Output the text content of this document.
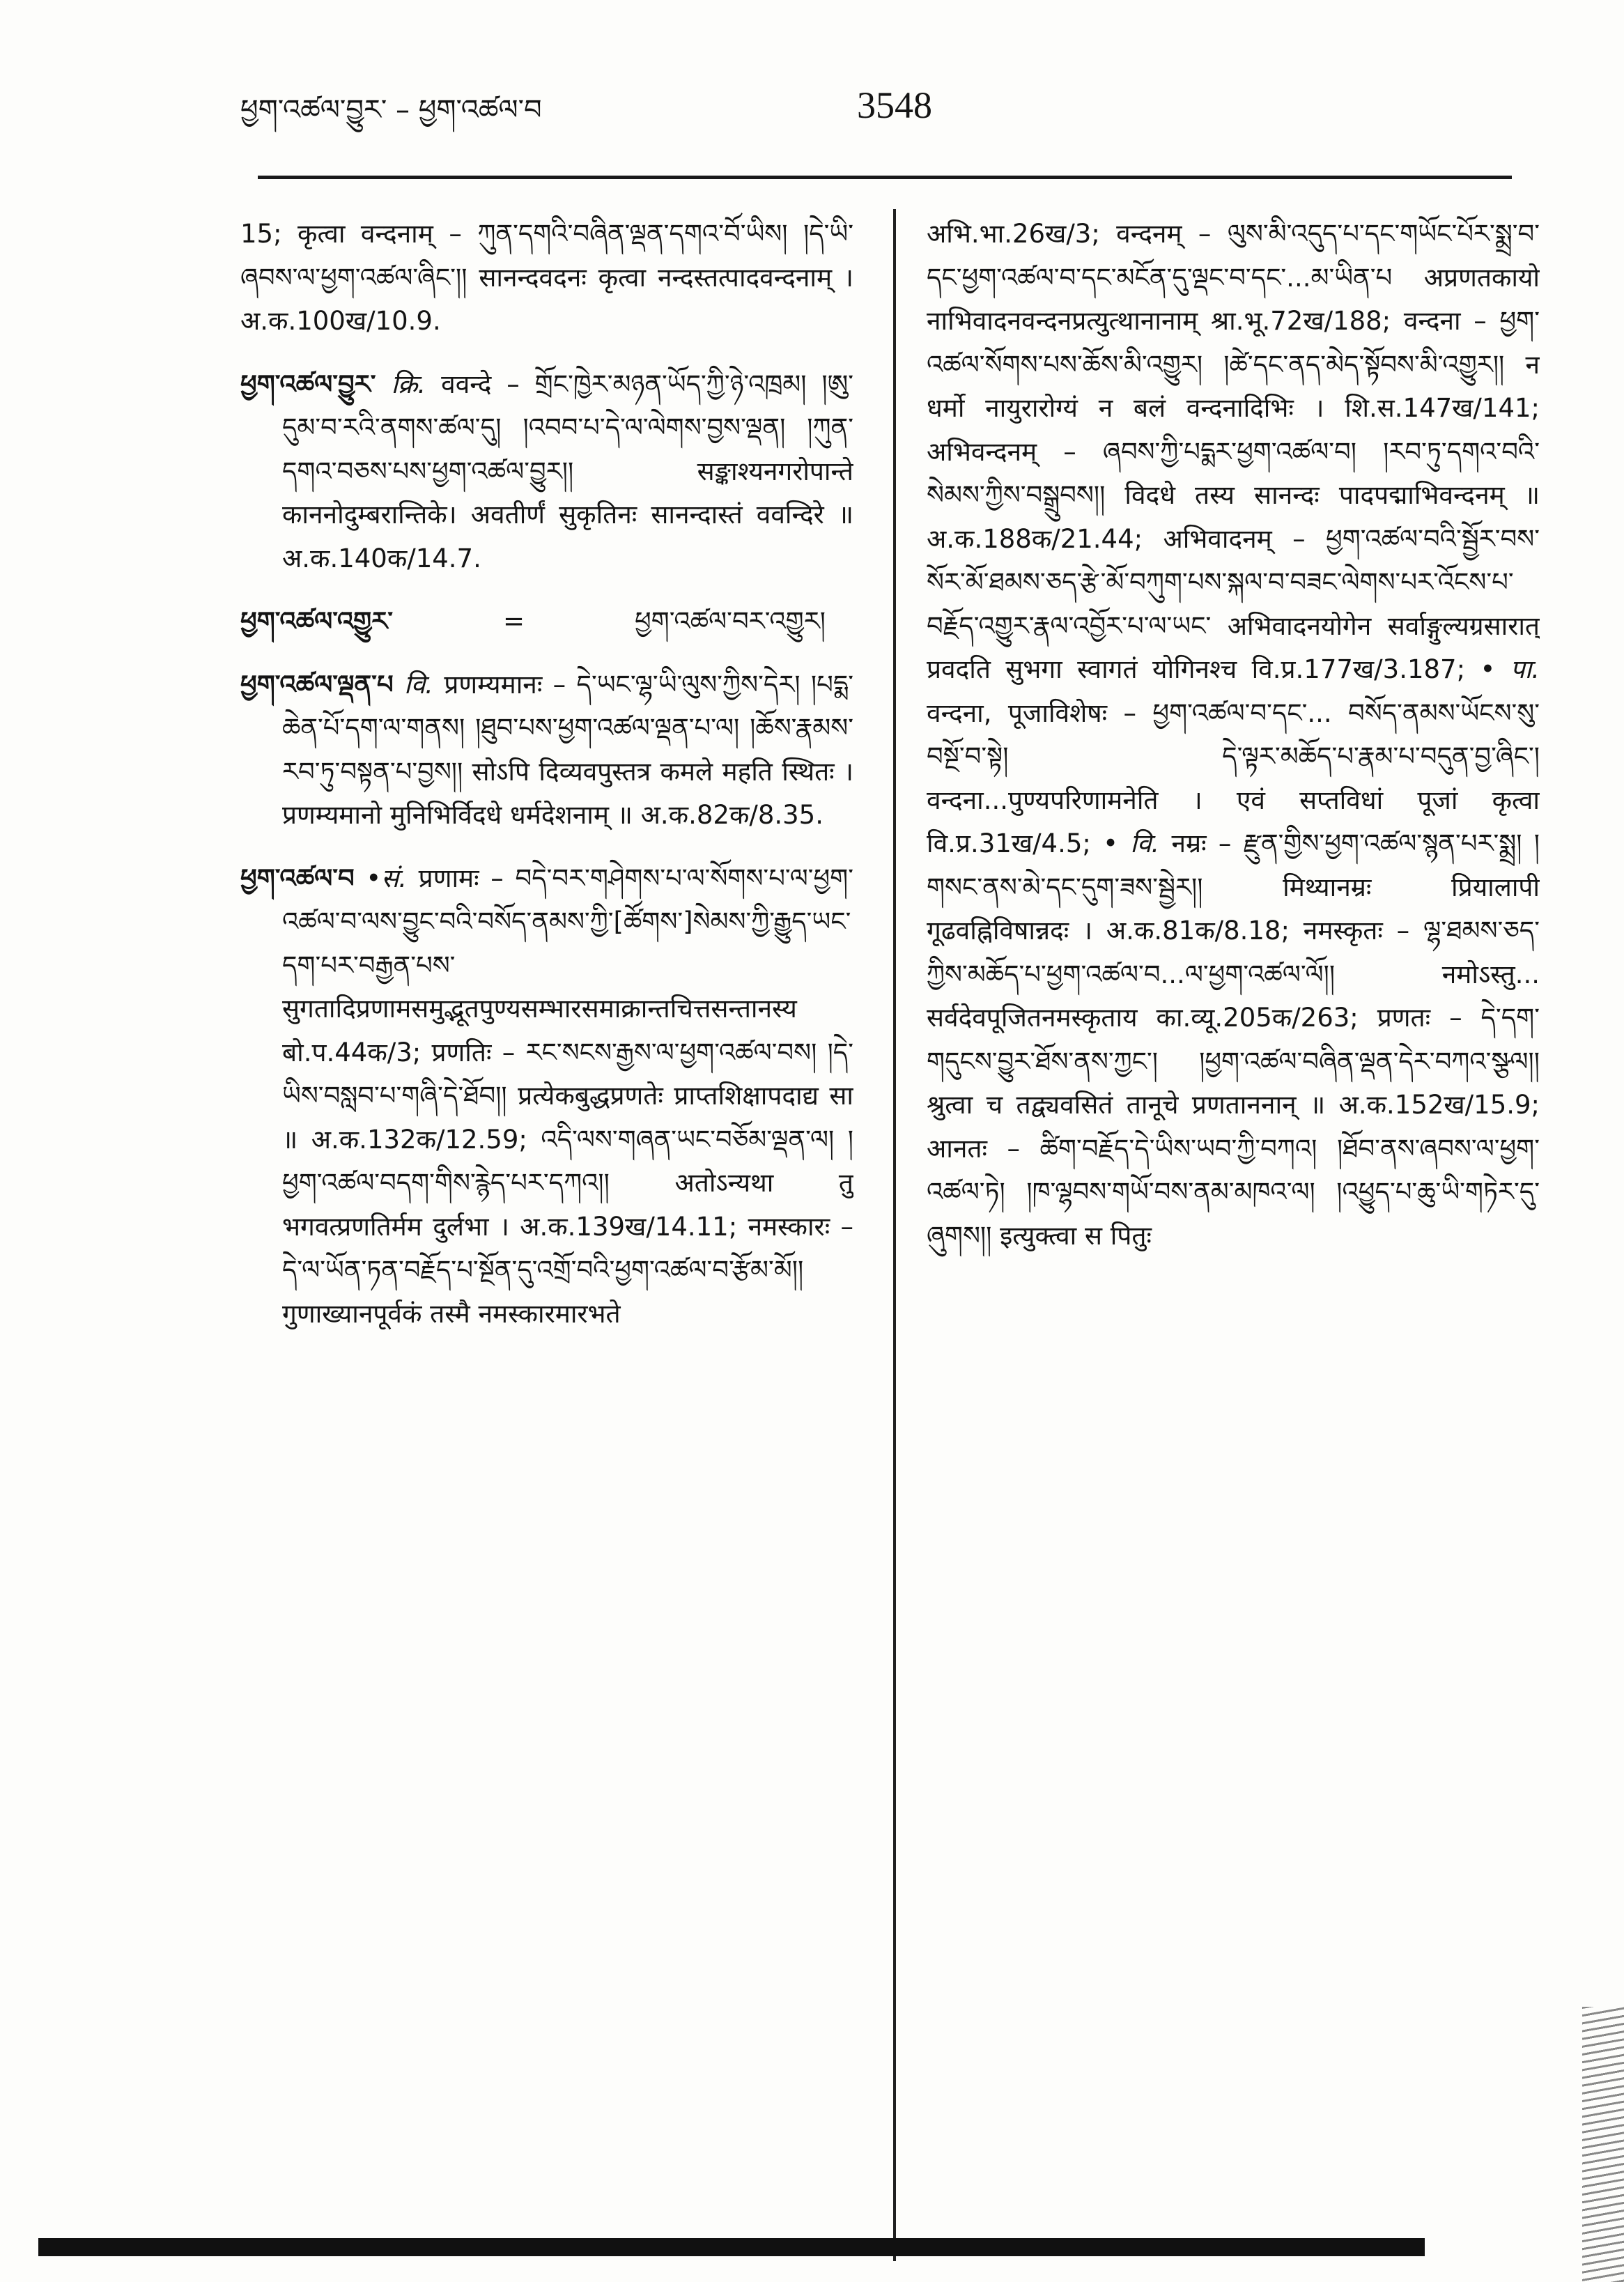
ཕྱག་འཚལ་བྱུར་ – ཕྱག་འཚལ་བ	3548

15; कृत्वा वन्दनाम् – ཀུན་དགའི་བཞིན་ལྡན་དགའ་བོ་ཡིས། །དེ་ཡི་ཞབས་ལ་ཕྱག་འཚལ་ཞིང་།། सानन्दवदनः कृत्वा नन्दस्तत्पादवन्दनाम् । अ.क.100ख/10.9.

ཕྱག་འཚལ་བྱུར་ क्रि. ववन्दे – གྲོང་ཁྱེར་མཉན་ཡོད་ཀྱི་ཉེ་འཁྲམ། །ཨུ་དུམ་བ་རའི་ནགས་ཚལ་དུ། །འབབ་པ་དེ་ལ་ལེགས་བྱས་ལྡན། །ཀུན་དགའ་བཅས་པས་ཕྱག་འཚལ་བྱུར།། सङ्काश्यनगरोपान्ते काननोदुम्बरान्तिके। अवतीर्णं सुकृतिनः सानन्दास्तं ववन्दिरे ॥ अ.क.140क/14.7.

ཕྱག་འཚལ་འགྱུར་	=	ཕྱག་འཚལ་བར་འགྱུར།

ཕྱག་འཚལ་ལྡན་པ वि. प्रणम्यमानः – དེ་ཡང་ལྷ་ཡི་ལུས་ཀྱིས་དེར། །པདྨ་ཆེན་པོ་དག་ལ་གནས། །ཐུབ་པས་ཕྱག་འཚལ་ལྡན་པ་ལ། །ཆོས་རྣམས་རབ་ཏུ་བསྟན་པ་བྱས།། सोऽपि दिव्यवपुस्तत्र कमले महति स्थितः । प्रणम्यमानो मुनिभिर्विदधे धर्मदेशनाम् ॥ अ.क.82क/8.35.

ཕྱག་འཚལ་བ •सं. प्रणामः – བདེ་བར་གཤེགས་པ་ལ་སོགས་པ་ལ་ཕྱག་འཚལ་བ་ལས་བྱུང་བའི་བསོད་ནམས་ཀྱི་[ཚོགས་]སེམས་ཀྱི་རྒྱུད་ཡང་དག་པར་བརྒྱན་པས་ सुगतादिप्रणामसमुद्भूतपुण्यसम्भारसमाक्रान्तचित्तसन्तानस्य बो.प.44क/3; प्रणतिः – རང་སངས་རྒྱས་ལ་ཕྱག་འཚལ་བས། །དེ་ཡིས་བསླབ་པ་གཞི་དེ་ཐོབ།། प्रत्येकबुद्धप्रणतेः प्राप्तशिक्षापदाद्य सा ॥ अ.क.132क/12.59; འདི་ལས་གཞན་ཡང་བཅོམ་ལྡན་ལ། །ཕྱག་འཚལ་བདག་གིས་རྙེད་པར་དཀའ།། अतोऽन्यथा तु भगवत्प्रणतिर्मम दुर्लभा । अ.क.139ख/14.11; नमस्कारः – དེ་ལ་ཡོན་ཏན་བརྗོད་པ་སྔོན་དུ་འགྲོ་བའི་ཕྱག་འཚལ་བ་རྩོམ་མོ།། गुणाख्यानपूर्वकं तस्मै नमस्कारमारभते

अभि.भा.26ख/3; वन्दनम् – ལུས་མི་འདུད་པ་དང་གཡོང་པོར་སྨྲ་བ་དང་ཕྱག་འཚལ་བ་དང་མངོན་དུ་ལྡང་བ་དང་...མ་ཡིན་པ अप्रणतकायो नाभिवादनवन्दनप्रत्युत्थानानाम् श्रा.भू.72ख/188; वन्दना – ཕྱག་འཚལ་སོགས་པས་ཆོས་མི་འགྱུར། །ཚེ་དང་ནད་མེད་སྟོབས་མི་འགྱུར།། न धर्मो नायुरारोग्यं न बलं वन्दनादिभिः । शि.स.147ख/141; अभिवन्दनम् – ཞབས་ཀྱི་པདྨར་ཕྱག་འཚལ་བ། །རབ་ཏུ་དགའ་བའི་སེམས་ཀྱིས་བསྒྲུབས།། विदधे तस्य सानन्दः पादपद्माभिवन्दनम् ॥ अ.क.188क/21.44; अभिवादनम् – ཕྱག་འཚལ་བའི་སྦྱོར་བས་སོར་མོ་ཐམས་ཅད་རྩེ་མོ་བཀུག་པས་སྐལ་བ་བཟང་ལེགས་པར་འོངས་པ་བརྗོད་འགྱུར་རྣལ་འབྱོར་པ་ལ་ཡང་ अभिवादनयोगेन सर्वाङ्गुल्यग्रसारात् प्रवदति सुभगा स्वागतं योगिनश्च वि.प्र.177ख/3.187; • पा. वन्दना, पूजाविशेषः – ཕྱག་འཚལ་བ་དང་... བསོད་ནམས་ཡོངས་སུ་བསྔོ་བ་སྟེ། དེ་ལྟར་མཆོད་པ་རྣམ་པ་བདུན་བྱ་ཞིང་། वन्दना...पुण्यपरिणामनेति । एवं सप्तविधां पूजां कृत्वा वि.प्र.31ख/4.5; • वि. नम्रः – རྫུན་གྱིས་ཕྱག་འཚལ་སྙན་པར་སྨྲ། །གསང་ནས་མེ་དང་དུག་ཟས་སྦྱེར།། मिथ्यानम्रः प्रियालापी गूढवह्निविषान्नदः । अ.क.81क/8.18; नमस्कृतः – ལྷ་ཐམས་ཅད་ཀྱིས་མཆོད་པ་ཕྱག་འཚལ་བ...ལ་ཕྱག་འཚལ་ལོ།། नमोऽस्तु... सर्वदेवपूजितनमस्कृताय का.व्यू.205क/263; प्रणतः – དེ་དག་གདུངས་བྱུར་ཐོས་ནས་ཀྱང་། །ཕྱག་འཚལ་བཞིན་ལྡན་དེར་བཀའ་སྩལ།། श्रुत्वा च तद्व्यवसितं तानूचे प्रणताननान् ॥ अ.क.152ख/15.9; आनतः – ཚིག་བརྗོད་དེ་ཡིས་ཡབ་ཀྱི་བཀའ། །ཐོབ་ནས་ཞབས་ལ་ཕྱག་འཚལ་ཏེ། །ཁ་ལྷབས་གཡོ་བས་ནམ་མཁའ་ལ། །འཕྱུད་པ་ཆུ་ཡི་གཏེར་དུ་ཞུགས།། इत्युक्त्वा स पितुः
